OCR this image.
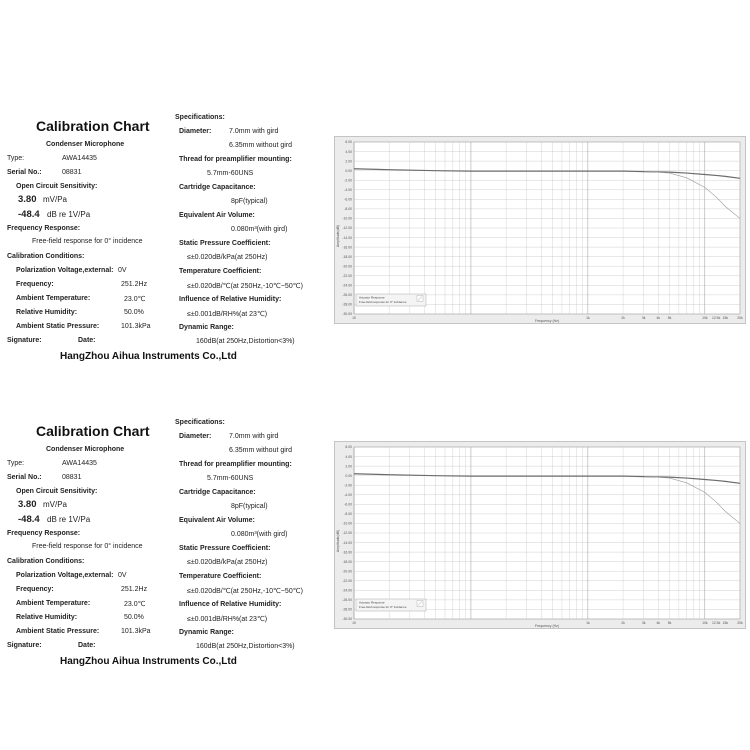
Calibration Chart
Condenser Microphone
Type:	AWA14435
Serial No.:	08831
Open Circuit Sensitivity:
3.80 mV/Pa
-48.4 dB re 1V/Pa
Frequency Response:
Free-field response for 0° incidence
Calibration Conditions:
Polarization Voltage,external: 0V
Frequency:	251.2Hz
Ambient Temperature:	23.0℃
Relative Humidity:	50.0%
Ambient Static Pressure:	101.3kPa
Signature:	Date:
HangZhou Aihua Instruments Co.,Ltd
Specifications:
Diameter:	7.0mm with gird
6.35mm without gird
Thread for preamplifier mounting:
5.7mm-60UNS
Cartridge Capacitance:
8pF(typical)
Equivalent Air Volume:
0.080m³(with gird)
Static Pressure Coefficient:
≤±0.020dB/kPa(at 250Hz)
Temperature Coefficient:
≤±0.020dB/℃(at 250Hz,-10℃~50℃)
Influence of Relative Humidity:
≤±0.001dB/RH%(at 23℃)
Dynamic Range:
160dB(at 250Hz,Distortion<3%)
6.00
4.00
2.00
0.00
-2.00
-4.00
-6.00
-8.00
-10.00
-12.00
-14.00
-16.00
-18.00
-20.00
-22.00
-24.00
-26.00
-28.00
-30.00
10	1k	2k	3k	4k 5k	10k 12.5k 15k	20k
Actuator Response
Free-field response for 0° incidence
Amplitude(dB)
Frequency (Hz)
Calibration Chart
Condenser Microphone
Type:	AWA14435
Serial No.:	08831
Open Circuit Sensitivity:
3.80 mV/Pa
-48.4 dB re 1V/Pa
Frequency Response:
Free-field response for 0° incidence
Calibration Conditions:
Polarization Voltage,external: 0V
Frequency:	251.2Hz
Ambient Temperature:	23.0℃
Relative Humidity:	50.0%
Ambient Static Pressure:	101.3kPa
Signature:	Date:
HangZhou Aihua Instruments Co.,Ltd
Specifications:
Diameter:	7.0mm with gird
6.35mm without gird
Thread for preamplifier mounting:
5.7mm-60UNS
Cartridge Capacitance:
8pF(typical)
Equivalent Air Volume:
0.080m³(with gird)
Static Pressure Coefficient:
≤±0.020dB/kPa(at 250Hz)
Temperature Coefficient:
≤±0.020dB/℃(at 250Hz,-10℃~50℃)
Influence of Relative Humidity:
≤±0.001dB/RH%(at 23℃)
Dynamic Range:
160dB(at 250Hz,Distortion<3%)
6.00
4.00
2.00
0.00
-2.00
-4.00
-6.00
-8.00
-10.00
-12.00
-14.00
-16.00
-18.00
-20.00
-22.00
-24.00
-26.00
-28.00
-30.00
10	1k	2k	3k	4k 5k	10k 12.5k 15k	20k
Actuator Response
Free-field response for 0° incidence
Amplitude(dB)
Frequency (Hz)
